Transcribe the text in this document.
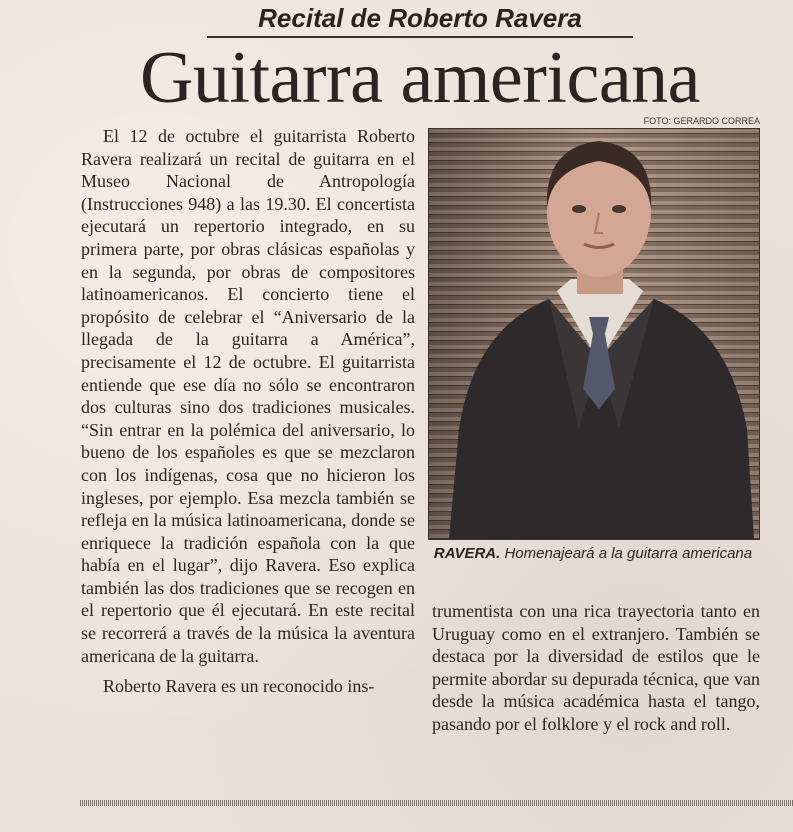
Recital de Roberto Ravera
Guitarra americana

El 12 de octubre el guitarrista Roberto Ravera realizará un recital de guitarra en el Museo Nacional de Antropología (Instrucciones 948) a las 19.30. El concertista ejecutará un repertorio integrado, en su primera parte, por obras clásicas españolas y en la segunda, por obras de compositores latinoamericanos. El concierto tiene el propósito de celebrar el “Aniversario de la llegada de la guitarra a América”, precisamente el 12 de octubre. El guitarrista entiende que ese día no sólo se encontraron dos culturas sino dos tradiciones musicales. “Sin entrar en la polémica del aniversario, lo bueno de los españoles es que se mezclaron con los indígenas, cosa que no hicieron los ingleses, por ejemplo. Esa mezcla también se refleja en la música latinoamericana, donde se enriquece la tradición española con la que había en el lugar”, dijo Ravera. Eso explica también las dos tradiciones que se recogen en el repertorio que él ejecutará. En este recital se recorrerá a través de la música la aventura americana de la guitarra.

Roberto Ravera es un reconocido ins-

FOTO: GERARDO CORREA
RAVERA. Homenajeará a la guitarra americana

trumentista con una rica trayectoria tanto en Uruguay como en el extranjero. También se destaca por la diversidad de estilos que le permite abordar su depurada técnica, que van desde la música académica hasta el tango, pasando por el folklore y el rock and roll.
